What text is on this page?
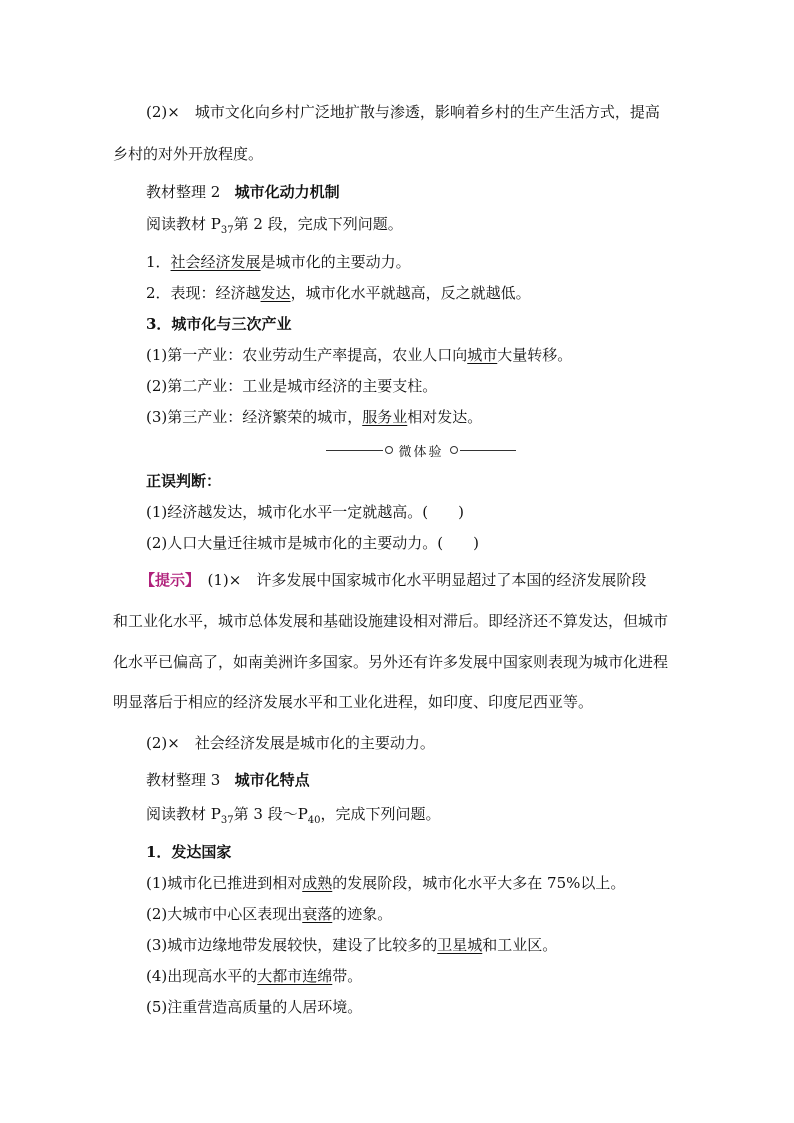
(2)×　城市文化向乡村广泛地扩散与渗透，影响着乡村的生产生活方式，提高
乡村的对外开放程度。
教材整理 2 城市化动力机制
阅读教材 $P_{37}$第 2 段，完成下列问题。
1．社会经济发展是城市化的主要动力。
2．表现：经济越发达，城市化水平就越高，反之就越低。
3．城市化与三次产业
(1)第一产业：农业劳动生产率提高，农业人口向城市大量转移。
(2)第二产业：工业是城市经济的主要支柱。
(3)第三产业：经济繁荣的城市，服务业相对发达。
微体验
正误判断：
(1)经济越发达，城市化水平一定就越高。(　　)
(2)人口大量迁往城市是城市化的主要动力。(　　)
【提示】　(1)×　许多发展中国家城市化水平明显超过了本国的经济发展阶段
和工业化水平，城市总体发展和基础设施建设相对滞后。即经济还不算发达，但城市
化水平已偏高了，如南美洲许多国家。另外还有许多发展中国家则表现为城市化进程
明显落后于相应的经济发展水平和工业化进程，如印度、印度尼西亚等。
(2)×　社会经济发展是城市化的主要动力。
教材整理 3 城市化特点
阅读教材 $P_{37}$第 3 段$\sim P_{40}$，完成下列问题。
1．发达国家
(1)城市化已推进到相对成熟的发展阶段，城市化水平大多在 75%以上。
(2)大城市中心区表现出衰落的迹象。
(3)城市边缘地带发展较快，建设了比较多的卫星城和工业区。
(4)出现高水平的大都市连绵带。
(5)注重营造高质量的人居环境。
